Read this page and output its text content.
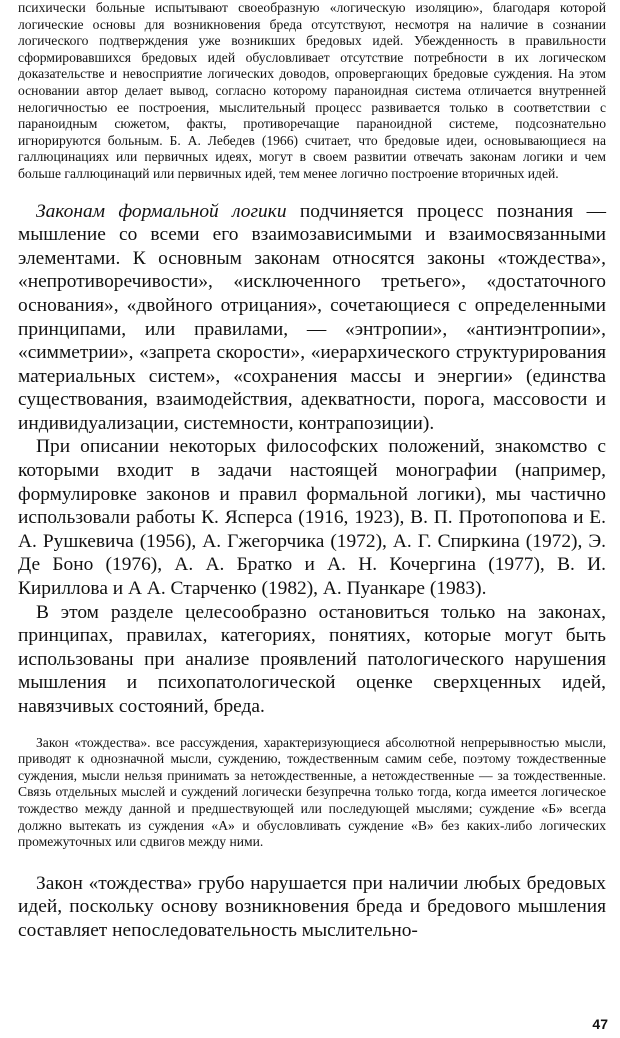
психически больные испытывают своеобразную «логическую изоляцию», благодаря которой логические основы для возникновения бреда отсутствуют, несмотря на наличие в сознании логического подтверждения уже возникших бредовых идей. Убежденность в правильности сформировавшихся бредовых идей обусловливает отсутствие потребности в их логическом доказательстве и невосприятие логических доводов, опровергающих бредовые суждения. На этом основании автор делает вывод, согласно которому параноидная система отличается внутренней нелогичностью ее построения, мыслительный процесс развивается только в соответствии с параноидным сюжетом, факты, противоречащие параноидной системе, подсознательно игнорируются больным. Б. А. Лебедев (1966) считает, что бредовые идеи, основывающиеся на галлюцинациях или первичных идеях, могут в своем развитии отвечать законам логики и чем больше галлюцинаций или первичных идей, тем менее логично построение вторичных идей.

Законам формальной логики подчиняется процесс познания — мышление со всеми его взаимозависимыми и взаимосвязанными элементами. К основным законам относятся законы «тождества», «непротиворечивости», «исключенного третьего», «достаточного основания», «двойного отрицания», сочетающиеся с определенными принципами, или правилами, — «энтропии», «антиэнтропии», «симметрии», «запрета скорости», «иерархического структурирования материальных систем», «сохранения массы и энергии» (единства существования, взаимодействия, адекватности, порога, массовости и индивидуализации, системности, контрапозиции).

При описании некоторых философских положений, знакомство с которыми входит в задачи настоящей монографии (например, формулировке законов и правил формальной логики), мы частично использовали работы К. Ясперса (1916, 1923), В. П. Протопопова и Е. А. Рушкевича (1956), А. Гжегорчика (1972), А. Г. Спиркина (1972), Э. Де Боно (1976), А. А. Братко и А. Н. Кочергина (1977), В. И. Кириллова и А А. Старченко (1982), А. Пуанкаре (1983).

В этом разделе целесообразно остановиться только на законах, принципах, правилах, категориях, понятиях, которые могут быть использованы при анализе проявлений патологического нарушения мышления и психопатологической оценке сверхценных идей, навязчивых состояний, бреда.

Закон «тождества». все рассуждения, характеризующиеся абсолютной непрерывностью мысли, приводят к однозначной мысли, суждению, тождественным самим себе, поэтому тождественные суждения, мысли нельзя принимать за нетождественные, а нетождественные — за тождественные. Связь отдельных мыслей и суждений логически безупречна только тогда, когда имеется логическое тождество между данной и предшествующей или последующей мыслями; суждение «Б» всегда должно вытекать из суждения «А» и обусловливать суждение «В» без каких-либо логических промежуточных или сдвигов между ними.

Закон «тождества» грубо нарушается при наличии любых бредовых идей, поскольку основу возникновения бреда и бредового мышления составляет непоследовательность мыслительно-

47
